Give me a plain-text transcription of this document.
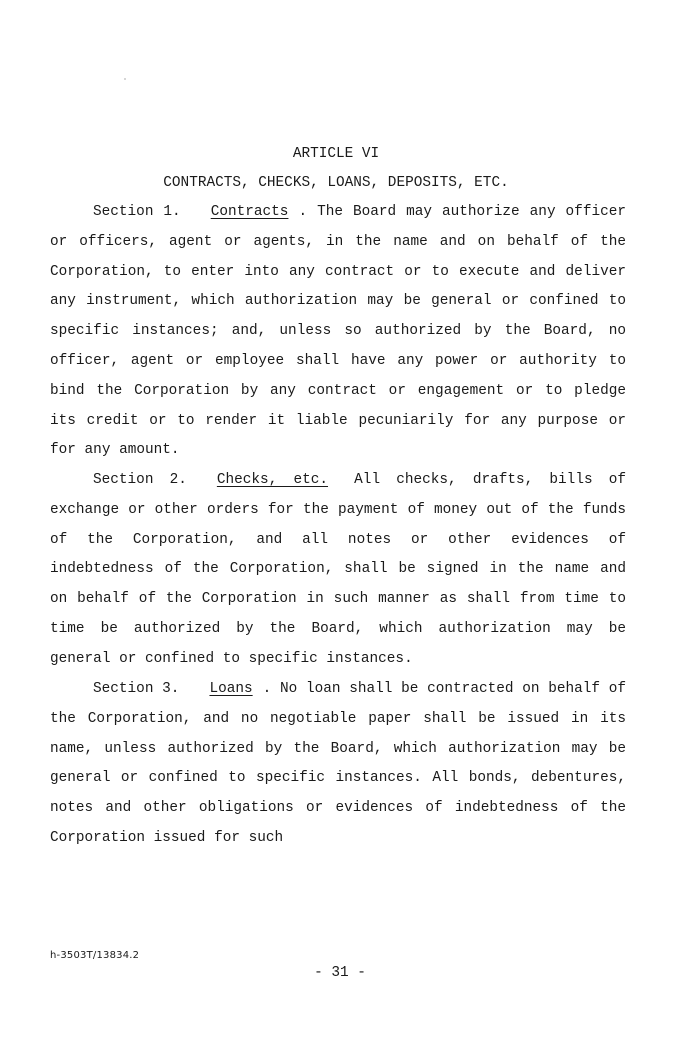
ARTICLE VI
CONTRACTS, CHECKS, LOANS, DEPOSITS, ETC.

Section 1. Contracts . The Board may authorize any officer or officers, agent or agents, in the name and on behalf of the Corporation, to enter into any contract or to execute and deliver any instrument, which authorization may be general or confined to specific instances; and, unless so authorized by the Board, no officer, agent or employee shall have any power or authority to bind the Corporation by any contract or engagement or to pledge its credit or to render it liable pecuniarily for any purpose or for any amount.

Section 2. Checks, etc. All checks, drafts, bills of exchange or other orders for the payment of money out of the funds of the Corporation, and all notes or other evidences of indebtedness of the Corporation, shall be signed in the name and on behalf of the Corporation in such manner as shall from time to time be authorized by the Board, which authorization may be general or confined to specific instances.

Section 3. Loans . No loan shall be contracted on behalf of the Corporation, and no negotiable paper shall be issued in its name, unless authorized by the Board, which authorization may be general or confined to specific instances. All bonds, debentures, notes and other obligations or evidences of indebtedness of the Corporation issued for such

h-3503T/13834.2
- 31 -
